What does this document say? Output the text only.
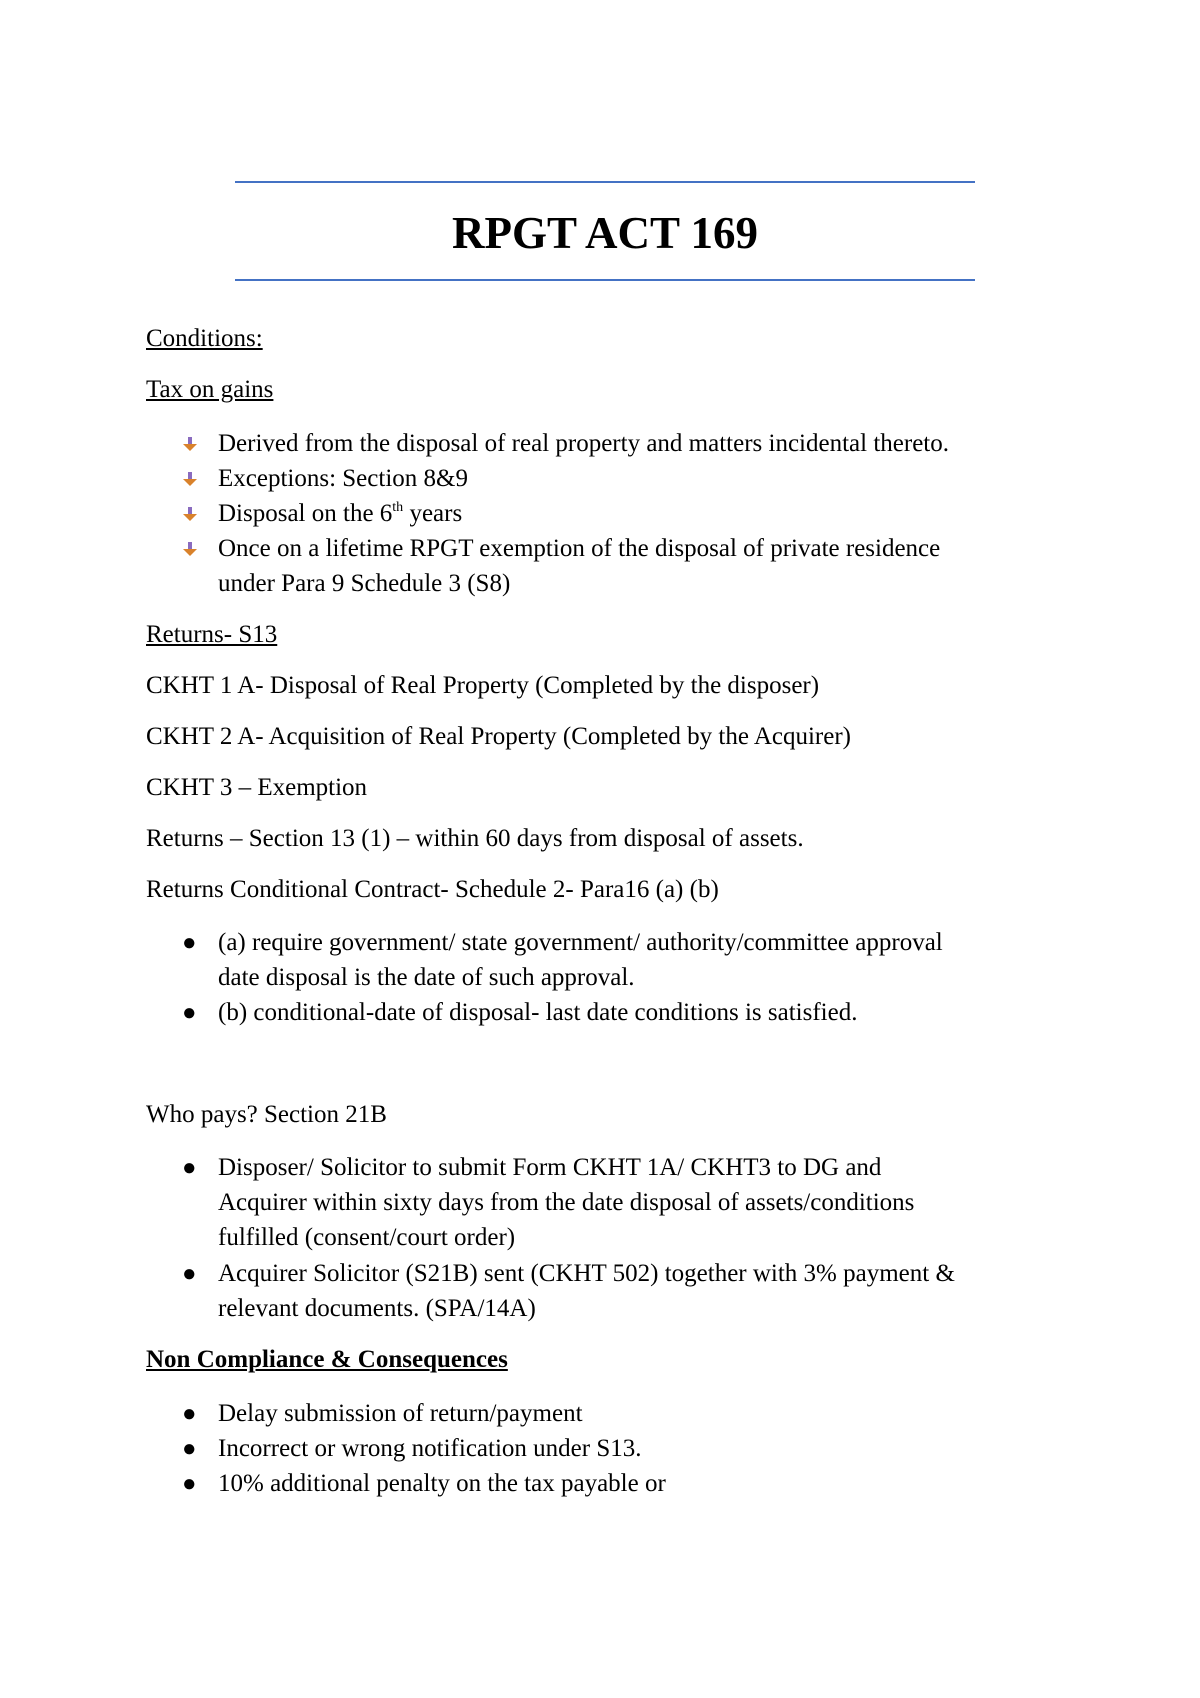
RPGT ACT 169
Conditions:
Tax on gains
Derived from the disposal of real property and matters incidental thereto.
Exceptions: Section 8&9
Disposal on the 6th years
Once on a lifetime RPGT exemption of the disposal of private residence
under Para 9 Schedule 3 (S8)
Returns- S13
CKHT 1 A- Disposal of Real Property (Completed by the disposer)
CKHT 2 A- Acquisition of Real Property (Completed by the Acquirer)
CKHT 3 – Exemption
Returns – Section 13 (1) – within 60 days from disposal of assets.
Returns Conditional Contract- Schedule 2- Para16 (a) (b)
● (a) require government/ state government/ authority/committee approval
date disposal is the date of such approval.
● (b) conditional-date of disposal- last date conditions is satisfied.
Who pays? Section 21B
● Disposer/ Solicitor to submit Form CKHT 1A/ CKHT3 to DG and
Acquirer within sixty days from the date disposal of assets/conditions
fulfilled (consent/court order)
● Acquirer Solicitor (S21B) sent (CKHT 502) together with 3% payment &
relevant documents. (SPA/14A)
Non Compliance & Consequences
● Delay submission of return/payment
● Incorrect or wrong notification under S13.
● 10% additional penalty on the tax payable or
